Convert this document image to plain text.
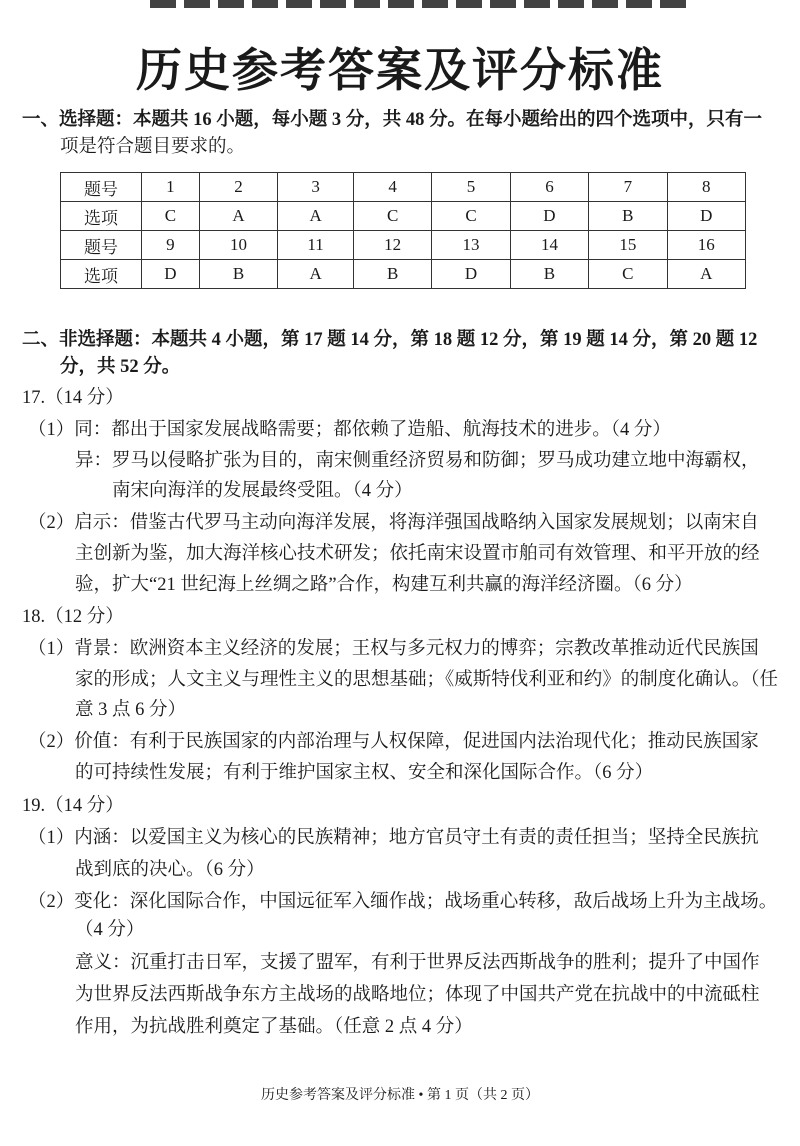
历史参考答案及评分标准
一、选择题：本题共 16 小题，每小题 3 分，共 48 分。在每小题给出的四个选项中，只有一
项是符合题目要求的。
题号	1	2	3	4	5	6	7	8
选项	C	A	A	C	C	D	B	D
题号	9	10	11	12	13	14	15	16
选项	D	B	A	B	D	B	C	A
二、非选择题：本题共 4 小题，第 17 题 14 分，第 18 题 12 分，第 19 题 14 分，第 20 题 12
分，共 52 分。
17.（14 分）
（1）同：都出于国家发展战略需要；都依赖了造船、航海技术的进步。（4 分）
异：罗马以侵略扩张为目的，南宋侧重经济贸易和防御；罗马成功建立地中海霸权，
南宋向海洋的发展最终受阻。（4 分）
（2）启示：借鉴古代罗马主动向海洋发展，将海洋强国战略纳入国家发展规划；以南宋自
主创新为鉴，加大海洋核心技术研发；依托南宋设置市舶司有效管理、和平开放的经
验，扩大“21 世纪海上丝绸之路”合作，构建互利共赢的海洋经济圈。（6 分）
18.（12 分）
（1）背景：欧洲资本主义经济的发展；王权与多元权力的博弈；宗教改革推动近代民族国
家的形成；人文主义与理性主义的思想基础；《威斯特伐利亚和约》的制度化确认。（任
意 3 点 6 分）
（2）价值：有利于民族国家的内部治理与人权保障，促进国内法治现代化；推动民族国家
的可持续性发展；有利于维护国家主权、安全和深化国际合作。（6 分）
19.（14 分）
（1）内涵：以爱国主义为核心的民族精神；地方官员守土有责的责任担当；坚持全民族抗
战到底的决心。（6 分）
（2）变化：深化国际合作，中国远征军入缅作战；战场重心转移，敌后战场上升为主战场。
（4 分）
意义：沉重打击日军，支援了盟军，有利于世界反法西斯战争的胜利；提升了中国作
为世界反法西斯战争东方主战场的战略地位；体现了中国共产党在抗战中的中流砥柱
作用，为抗战胜利奠定了基础。（任意 2 点 4 分）
历史参考答案及评分标准 • 第 1 页（共 2 页）
